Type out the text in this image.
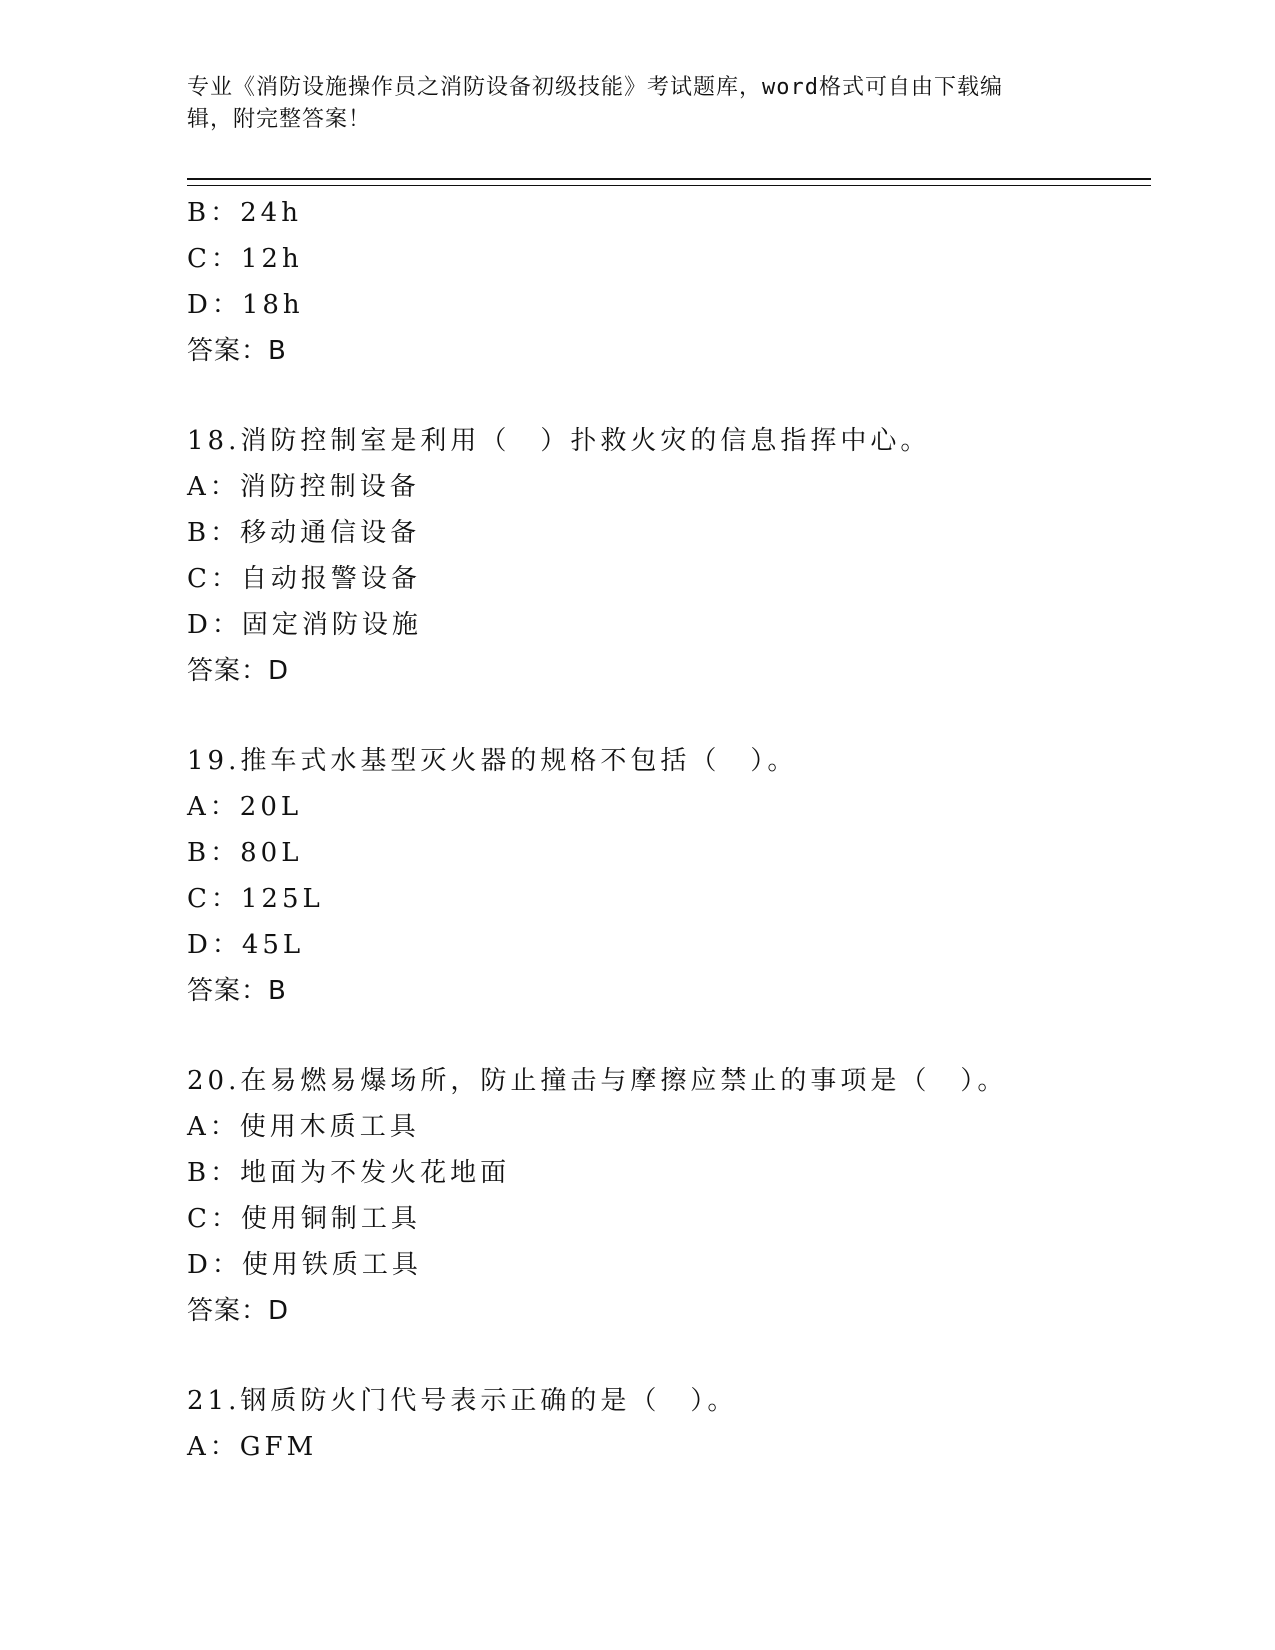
专业《消防设施操作员之消防设备初级技能》考试题库，word格式可自由下载编
辑，附完整答案！
B：24h
C：12h
D：18h
答案：B
18.消防控制室是利用（　）扑救火灾的信息指挥中心。
A：消防控制设备
B：移动通信设备
C：自动报警设备
D：固定消防设施
答案：D
19.推车式水基型灭火器的规格不包括（　）。
A：20L
B：80L
C：125L
D：45L
答案：B
20.在易燃易爆场所，防止撞击与摩擦应禁止的事项是（　）。
A：使用木质工具
B：地面为不发火花地面
C：使用铜制工具
D：使用铁质工具
答案：D
21.钢质防火门代号表示正确的是（　）。
A：GFM
